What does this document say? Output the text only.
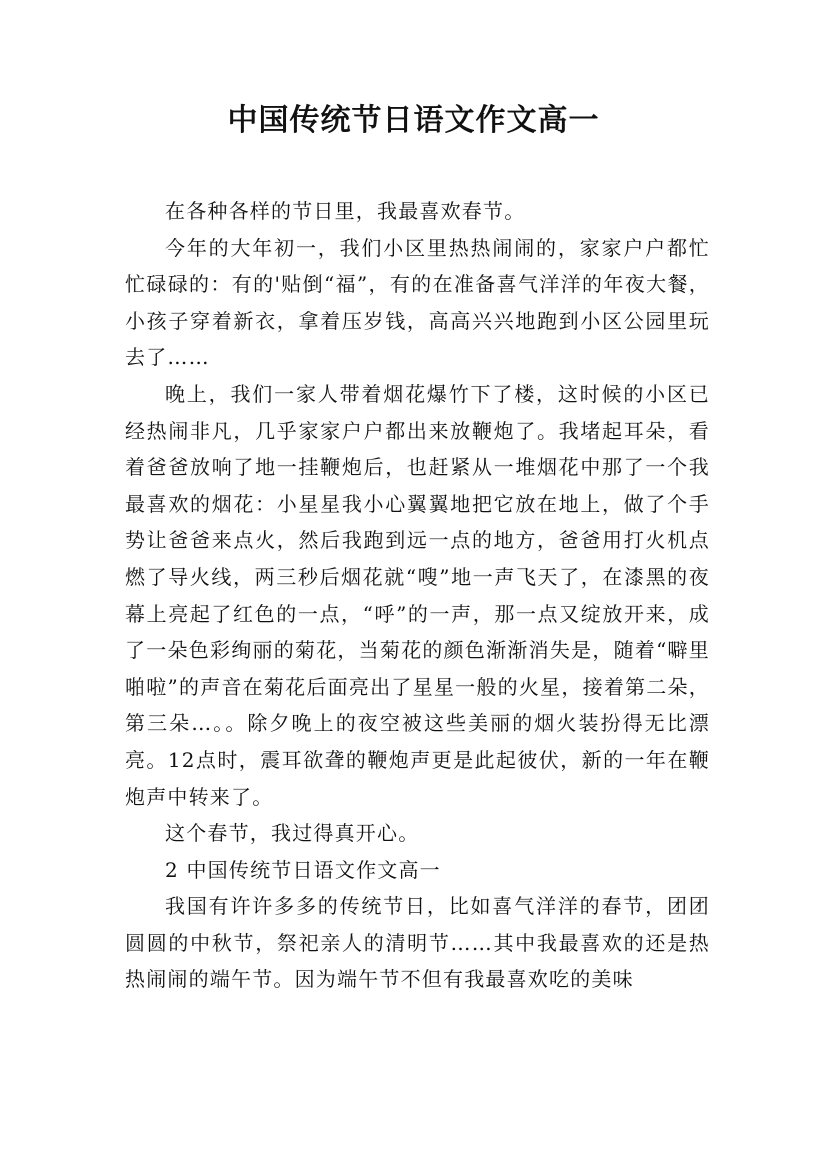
中国传统节日语文作文高一

在各种各样的节日里，我最喜欢春节。

今年的大年初一，我们小区里热热闹闹的，家家户户都忙忙碌碌的：有的'贴倒“福”，有的在准备喜气洋洋的年夜大餐，小孩子穿着新衣，拿着压岁钱，高高兴兴地跑到小区公园里玩去了……

晚上，我们一家人带着烟花爆竹下了楼，这时候的小区已经热闹非凡，几乎家家户户都出来放鞭炮了。我堵起耳朵，看着爸爸放响了地一挂鞭炮后，也赶紧从一堆烟花中那了一个我最喜欢的烟花：小星星我小心翼翼地把它放在地上，做了个手势让爸爸来点火，然后我跑到远一点的地方，爸爸用打火机点燃了导火线，两三秒后烟花就“嗖”地一声飞天了，在漆黑的夜幕上亮起了红色的一点，“呼”的一声，那一点又绽放开来，成了一朵色彩绚丽的菊花，当菊花的颜色渐渐消失是，随着“噼里啪啦”的声音在菊花后面亮出了星星一般的火星，接着第二朵，第三朵…。。除夕晚上的夜空被这些美丽的烟火装扮得无比漂亮。12点时，震耳欲聋的鞭炮声更是此起彼伏，新的一年在鞭炮声中转来了。

这个春节，我过得真开心。

2 中国传统节日语文作文高一

我国有许许多多的传统节日，比如喜气洋洋的春节，团团圆圆的中秋节，祭祀亲人的清明节……其中我最喜欢的还是热热闹闹的端午节。因为端午节不但有我最喜欢吃的美味
